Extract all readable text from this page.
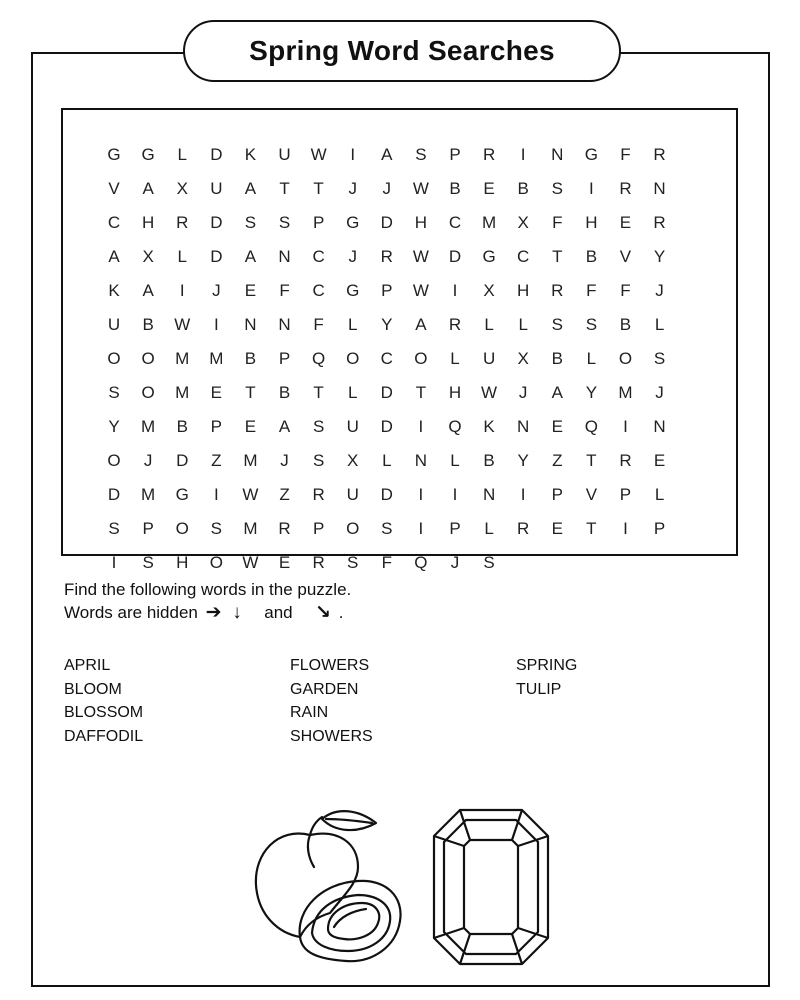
Spring Word Searches
G	G	L	D	K	U	W	I	A	S	P	R	I	N	G	F	R
V	A	X	U	A	T	T	J	J	W	B	E	B	S	I	R	N
C	H	R	D	S	S	P	G	D	H	C	M	X	F	H	E	R
A	X	L	D	A	N	C	J	R	W	D	G	C	T	B	V	Y
K	A	I	J	E	F	C	G	P	W	I	X	H	R	F	F	J
U	B	W	I	N	N	F	L	Y	A	R	L	L	S	S	B	L
O	O	M	M	B	P	Q	O	C	O	L	U	X	B	L	O	S
S	O	M	E	T	B	T	L	D	T	H	W	J	A	Y	M	J
Y	M	B	P	E	A	S	U	D	I	Q	K	N	E	Q	I	N
O	J	D	Z	M	J	S	X	L	N	L	B	Y	Z	T	R	E
D	M	G	I	W	Z	R	U	D	I	I	N	I	P	V	P	L
S	P	O	S	M	R	P	O	S	I	P	L	R	E	T	I	P
I	S	H	O	W	E	R	S	F	Q	J	S
Find the following words in the puzzle.
Words are hidden ➔ ↓ and ↘ .
APRIL
BLOOM
BLOSSOM
DAFFODIL
FLOWERS
GARDEN
RAIN
SHOWERS
SPRING
TULIP
